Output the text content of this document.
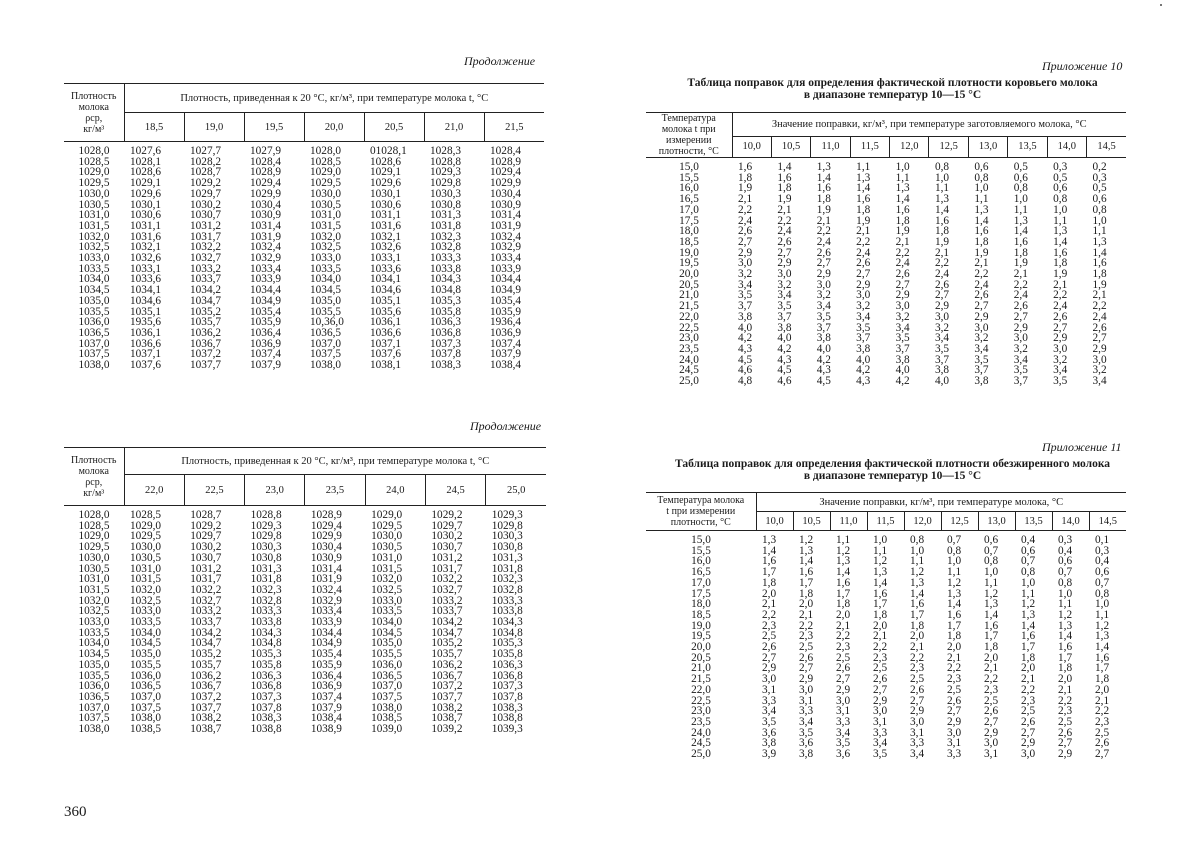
Продолжение
Плотность
молока
ρср,
кг/м³	Плотность, приведенная к 20 °С, кг/м³, при температуре молока t, °С						
	18,5	19,0	19,5	20,0	20,5	21,0	21,5
1028,0	1027,6	1027,7	1027,9	1028,0	01028,1	1028,3	1028,4
1028,5	1028,1	1028,2	1028,4	1028,5	1028,6	1028,8	1028,9
1029,0	1028,6	1028,7	1028,9	1029,0	1029,1	1029,3	1029,4
1029,5	1029,1	1029,2	1029,4	1029,5	1029,6	1029,8	1029,9
1030,0	1029,6	1029,7	1029,9	1030,0	1030,1	1030,3	1030,4
1030,5	1030,1	1030,2	1030,4	1030,5	1030,6	1030,8	1030,9
1031,0	1030,6	1030,7	1030,9	1031,0	1031,1	1031,3	1031,4
1031,5	1031,1	1031,2	1031,4	1031,5	1031,6	1031,8	1031,9
1032,0	1031,6	1031,7	1031,9	1032,0	1032,1	1032,3	1032,4
1032,5	1032,1	1032,2	1032,4	1032,5	1032,6	1032,8	1032,9
1033,0	1032,6	1032,7	1032,9	1033,0	1033,1	1033,3	1033,4
1033,5	1033,1	1033,2	1033,4	1033,5	1033,6	1033,8	1033,9
1034,0	1033,6	1033,7	1033,9	1034,0	1034,1	1034,3	1034,4
1034,5	1034,1	1034,2	1034,4	1034,5	1034,6	1034,8	1034,9
1035,0	1034,6	1034,7	1034,9	1035,0	1035,1	1035,3	1035,4
1035,5	1035,1	1035,2	1035,4	1035,5	1035,6	1035,8	1035,9
1036,0	1935,6	1035,7	1035,9	10,36,0	1036,1	1036,3	1936,4
1036,5	1036,1	1036,2	1036,4	1036,5	1036,6	1036,8	1036,9
1037,0	1036,6	1036,7	1036,9	1037,0	1037,1	1037,3	1037,4
1037,5	1037,1	1037,2	1037,4	1037,5	1037,6	1037,8	1037,9
1038,0	1037,6	1037,7	1037,9	1038,0	1038,1	1038,3	1038,4
Продолжение
Плотность
молока
ρср,
кг/м³	Плотность, приведенная к 20 °С, кг/м³, при температуре молока t, °С						
	22,0	22,5	23,0	23,5	24,0	24,5	25,0
1028,0	1028,5	1028,7	1028,8	1028,9	1029,0	1029,2	1029,3
1028,5	1029,0	1029,2	1029,3	1029,4	1029,5	1029,7	1029,8
1029,0	1029,5	1029,7	1029,8	1029,9	1030,0	1030,2	1030,3
1029,5	1030,0	1030,2	1030,3	1030,4	1030,5	1030,7	1030,8
1030,0	1030,5	1030,7	1030,8	1030,9	1031,0	1031,2	1031,3
1030,5	1031,0	1031,2	1031,3	1031,4	1031,5	1031,7	1031,8
1031,0	1031,5	1031,7	1031,8	1031,9	1032,0	1032,2	1032,3
1031,5	1032,0	1032,2	1032,3	1032,4	1032,5	1032,7	1032,8
1032,0	1032,5	1032,7	1032,8	1032,9	1033,0	1033,2	1033,3
1032,5	1033,0	1033,2	1033,3	1033,4	1033,5	1033,7	1033,8
1033,0	1033,5	1033,7	1033,8	1033,9	1034,0	1034,2	1034,3
1033,5	1034,0	1034,2	1034,3	1034,4	1034,5	1034,7	1034,8
1034,0	1034,5	1034,7	1034,8	1034,9	1035,0	1035,2	1035,3
1034,5	1035,0	1035,2	1035,3	1035,4	1035,5	1035,7	1035,8
1035,0	1035,5	1035,7	1035,8	1035,9	1036,0	1036,2	1036,3
1035,5	1036,0	1036,2	1036,3	1036,4	1036,5	1036,7	1036,8
1036,0	1036,5	1036,7	1036,8	1036,9	1037,0	1037,2	1037,3
1036,5	1037,0	1037,2	1037,3	1037,4	1037,5	1037,7	1037,8
1037,0	1037,5	1037,7	1037,8	1037,9	1038,0	1038,2	1038,3
1037,5	1038,0	1038,2	1038,3	1038,4	1038,5	1038,7	1038,8
1038,0	1038,5	1038,7	1038,8	1038,9	1039,0	1039,2	1039,3
Приложение 10
Таблица поправок для определения фактической плотности коровьего молока
в диапазоне температур 10—15 °С
Температура
молока t при
измерении
плотности, °С	Значение поправки, кг/м³, при температуре заготовляемого молока, °С									
	10,0	10,5	11,0	11,5	12,0	12,5	13,0	13,5	14,0	14,5
15,0	1,6	1,4	1,3	1,1	1,0	0,8	0,6	0,5	0,3	0,2
15,5	1,8	1,6	1,4	1,3	1,1	1,0	0,8	0,6	0,5	0,3
16,0	1,9	1,8	1,6	1,4	1,3	1,1	1,0	0,8	0,6	0,5
16,5	2,1	1,9	1,8	1,6	1,4	1,3	1,1	1,0	0,8	0,6
17,0	2,2	2,1	1,9	1,8	1,6	1,4	1,3	1,1	1,0	0,8
17,5	2,4	2,2	2,1	1,9	1,8	1,6	1,4	1,3	1,1	1,0
18,0	2,6	2,4	2,2	2,1	1,9	1,8	1,6	1,4	1,3	1,1
18,5	2,7	2,6	2,4	2,2	2,1	1,9	1,8	1,6	1,4	1,3
19,0	2,9	2,7	2,6	2,4	2,2	2,1	1,9	1,8	1,6	1,4
19,5	3,0	2,9	2,7	2,6	2,4	2,2	2,1	1,9	1,8	1,6
20,0	3,2	3,0	2,9	2,7	2,6	2,4	2,2	2,1	1,9	1,8
20,5	3,4	3,2	3,0	2,9	2,7	2,6	2,4	2,2	2,1	1,9
21,0	3,5	3,4	3,2	3,0	2,9	2,7	2,6	2,4	2,2	2,1
21,5	3,7	3,5	3,4	3,2	3,0	2,9	2,7	2,6	2,4	2,2
22,0	3,8	3,7	3,5	3,4	3,2	3,0	2,9	2,7	2,6	2,4
22,5	4,0	3,8	3,7	3,5	3,4	3,2	3,0	2,9	2,7	2,6
23,0	4,2	4,0	3,8	3,7	3,5	3,4	3,2	3,0	2,9	2,7
23,5	4,3	4,2	4,0	3,8	3,7	3,5	3,4	3,2	3,0	2,9
24,0	4,5	4,3	4,2	4,0	3,8	3,7	3,5	3,4	3,2	3,0
24,5	4,6	4,5	4,3	4,2	4,0	3,8	3,7	3,5	3,4	3,2
25,0	4,8	4,6	4,5	4,3	4,2	4,0	3,8	3,7	3,5	3,4
Приложение 11
Таблица поправок для определения фактической плотности обезжиренного молока
в диапазоне температур 10—15 °С
Температура молока
t при измерении
плотности, °С	Значение поправки, кг/м³, при температуре молока, °С									
	10,0	10,5	11,0	11,5	12,0	12,5	13,0	13,5	14,0	14,5
15,0	1,3	1,2	1,1	1,0	0,8	0,7	0,6	0,4	0,3	0,1
15,5	1,4	1,3	1,2	1,1	1,0	0,8	0,7	0,6	0,4	0,3
16,0	1,6	1,4	1,3	1,2	1,1	1,0	0,8	0,7	0,6	0,4
16,5	1,7	1,6	1,4	1,3	1,2	1,1	1,0	0,8	0,7	0,6
17,0	1,8	1,7	1,6	1,4	1,3	1,2	1,1	1,0	0,8	0,7
17,5	2,0	1,8	1,7	1,6	1,4	1,3	1,2	1,1	1,0	0,8
18,0	2,1	2,0	1,8	1,7	1,6	1,4	1,3	1,2	1,1	1,0
18,5	2,2	2,1	2,0	1,8	1,7	1,6	1,4	1,3	1,2	1,1
19,0	2,3	2,2	2,1	2,0	1,8	1,7	1,6	1,4	1,3	1,2
19,5	2,5	2,3	2,2	2,1	2,0	1,8	1,7	1,6	1,4	1,3
20,0	2,6	2,5	2,3	2,2	2,1	2,0	1,8	1,7	1,6	1,4
20,5	2,7	2,6	2,5	2,3	2,2	2,1	2,0	1,8	1,7	1,6
21,0	2,9	2,7	2,6	2,5	2,3	2,2	2,1	2,0	1,8	1,7
21,5	3,0	2,9	2,7	2,6	2,5	2,3	2,2	2,1	2,0	1,8
22,0	3,1	3,0	2,9	2,7	2,6	2,5	2,3	2,2	2,1	2,0
22,5	3,3	3,1	3,0	2,9	2,7	2,6	2,5	2,3	2,2	2,1
23,0	3,4	3,3	3,1	3,0	2,9	2,7	2,6	2,5	2,3	2,2
23,5	3,5	3,4	3,3	3,1	3,0	2,9	2,7	2,6	2,5	2,3
24,0	3,6	3,5	3,4	3,3	3,1	3,0	2,9	2,7	2,6	2,5
24,5	3,8	3,6	3,5	3,4	3,3	3,1	3,0	2,9	2,7	2,6
25,0	3,9	3,8	3,6	3,5	3,4	3,3	3,1	3,0	2,9	2,7
360
